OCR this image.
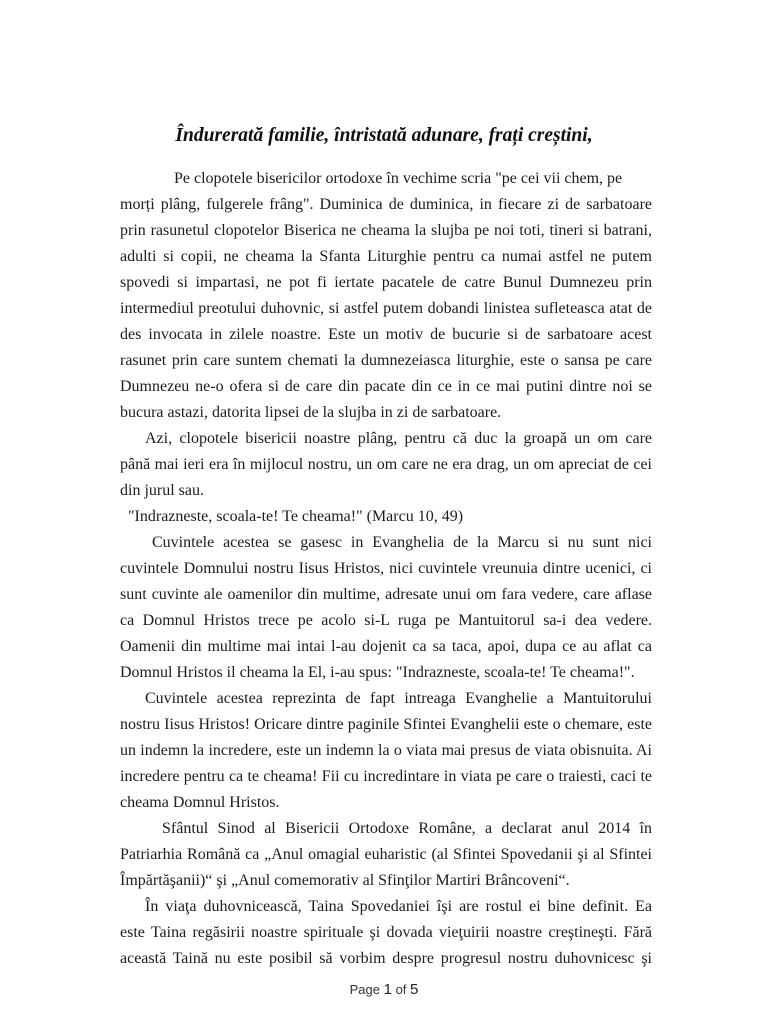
Îndurerată familie, întristată adunare, frați creștini,

Pe clopotele bisericilor ortodoxe în vechime scria "pe cei vii chem, pe

morți plâng, fulgerele frâng". Duminica de duminica, in fiecare zi de sarbatoare

prin rasunetul clopotelor Biserica ne cheama la slujba pe noi toti, tineri si batrani,

adulti si copii, ne cheama la Sfanta Liturghie pentru ca numai astfel ne putem

spovedi si impartasi, ne pot fi iertate pacatele de catre Bunul Dumnezeu prin

intermediul preotului duhovnic, si astfel putem dobandi linistea sufleteasca atat de

des invocata in zilele noastre. Este un motiv de bucurie si de sarbatoare acest

rasunet prin care suntem chemati la dumnezeiasca liturghie, este o sansa pe care

Dumnezeu ne-o ofera si de care din pacate din ce in ce mai putini dintre noi se

bucura astazi, datorita lipsei de la slujba in zi de sarbatoare.

Azi, clopotele bisericii noastre plâng, pentru că duc la groapă un om care

până mai ieri era în mijlocul nostru, un om care ne era drag, un om apreciat de cei

din jurul sau.

"Indrazneste, scoala-te! Te cheama!" (Marcu 10, 49)

Cuvintele acestea se gasesc in Evanghelia de la Marcu si nu sunt nici

cuvintele Domnului nostru Iisus Hristos, nici cuvintele vreunuia dintre ucenici, ci

sunt cuvinte ale oamenilor din multime, adresate unui om fara vedere, care aflase

ca Domnul Hristos trece pe acolo si-L ruga pe Mantuitorul sa-i dea vedere.

Oamenii din multime mai intai l-au dojenit ca sa taca, apoi, dupa ce au aflat ca

Domnul Hristos il cheama la El, i-au spus: "Indrazneste, scoala-te! Te cheama!".

Cuvintele acestea reprezinta de fapt intreaga Evanghelie a Mantuitorului

nostru Iisus Hristos! Oricare dintre paginile Sfintei Evanghelii este o chemare, este

un indemn la incredere, este un indemn la o viata mai presus de viata obisnuita. Ai

incredere pentru ca te cheama! Fii cu incredintare in viata pe care o traiesti, caci te

cheama Domnul Hristos.

Sfântul Sinod al Bisericii Ortodoxe Române, a declarat anul 2014 în

Patriarhia Română ca „Anul omagial euharistic (al Sfintei Spovedanii şi al Sfintei

Împărtăşanii)“ şi „Anul comemorativ al Sfinţilor Martiri Brâncoveni“.

În viaţa duhovnicească, Taina Spovedaniei îşi are rostul ei bine definit. Ea

este Taina regăsirii noastre spirituale şi dovada vieţuirii noastre creştineşti. Fără

această Taină nu este posibil să vorbim despre progresul nostru duhovnicesc şi

Page 1 of 5
